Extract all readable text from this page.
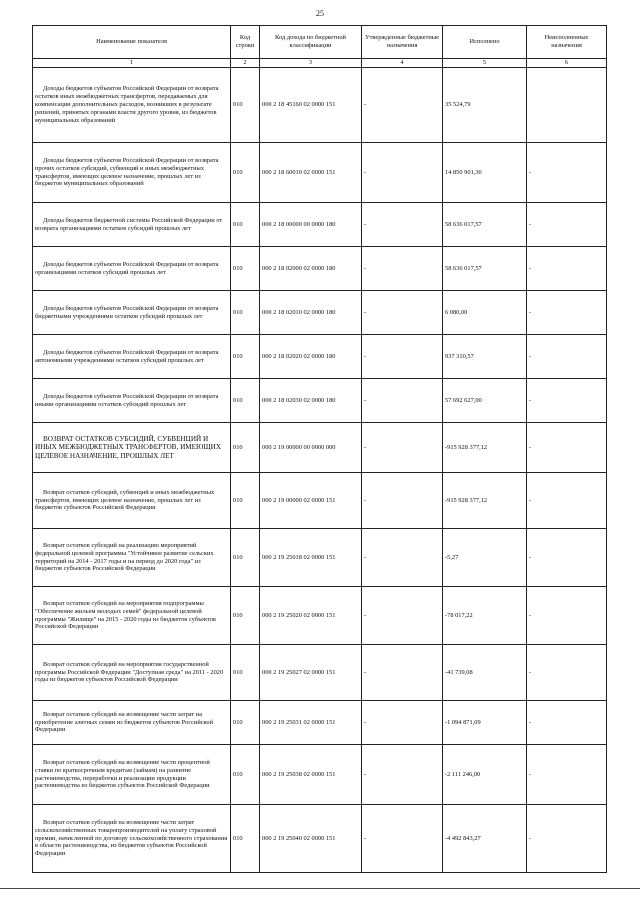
25
Наименование показателя	Код строки	Код дохода по бюджетной классификации	Утвержденные бюджетные назначения	Исполнено	Неисполненные назначения
1	2	3	4	5	6
Доходы бюджетов субъектов Российской Федерации от возврата остатков иных межбюджетных трансфертов, передаваемых для компенсации дополнительных расходов, возникших в результате решений, принятых органами власти другого уровня, из бюджетов муниципальных образований	010	000 2 18 45160 02 0000 151	-	35 524,79	
Доходы бюджетов субъектов Российской Федерации от возврата прочих остатков субсидий, субвенций и иных межбюджетных трансфертов, имеющих целевое назначение, прошлых лет из бюджетов муниципальных образований	010	000 2 18 60010 02 0000 151	-	14 850 901,30	-
Доходы бюджетов бюджетной системы Российской Федерации от возврата организациями остатков субсидий прошлых лет	010	000 2 18 00000 00 0000 180	-	58 636 017,57	-
Доходы бюджетов субъектов Российской Федерации от возврата организациями остатков субсидий прошлых лет	010	000 2 18 02000 02 0000 180	-	58 636 017,57	-
Доходы бюджетов субъектов Российской Федерации от возврата бюджетными учреждениями остатков субсидий прошлых лет	010	000 2 18 02010 02 0000 180	-	6 080,00	-
Доходы бюджетов субъектов Российской Федерации от возврата автономными учреждениями остатков субсидий прошлых лет	010	000 2 18 02020 02 0000 180	-	937 310,57	-
Доходы бюджетов субъектов Российской Федерации от возврата иными организациями остатков субсидий прошлых лет	010	000 2 18 02030 02 0000 180	-	57 692 627,00	-
ВОЗВРАТ ОСТАТКОВ СУБСИДИЙ, СУБВЕНЦИЙ И ИНЫХ МЕЖБЮДЖЕТНЫХ ТРАНСФЕРТОВ, ИМЕЮЩИХ ЦЕЛЕВОЕ НАЗНАЧЕНИЕ, ПРОШЛЫХ ЛЕТ	010	000 2 19 00000 00 0000 000	-	-915 928 377,12	-
Возврат остатков субсидий, субвенций и иных межбюджетных трансфертов, имеющих целевое назначение, прошлых лет из бюджетов субъектов Российской Федерации	010	000 2 19 00000 02 0000 151	-	-915 928 377,12	-
Возврат остатков субсидий на реализацию мероприятий федеральной целевой программы "Устойчивое развитие сельских территорий на 2014 - 2017 годы и на период до 2020 года" из бюджетов субъектов Российской Федерации	010	000 2 19 25018 02 0000 151	-	-5,27	-
Возврат остатков субсидий на мероприятия подпрограммы "Обеспечение жильем молодых семей" федеральной целевой программы "Жилище" на 2015 - 2020 годы из бюджетов субъектов Российской Федерации	010	000 2 19 25020 02 0000 151	-	-78 017,22	-
Возврат остатков субсидий на мероприятия государственной программы Российской Федерации "Доступная среда" на 2011 - 2020 годы из бюджетов субъектов Российской Федерации	010	000 2 19 25027 02 0000 151	-	-41 739,08	-
Возврат остатков субсидий на возмещение части затрат на приобретение элитных семян из бюджетов субъектов Российской Федерации	010	000 2 19 25031 02 0000 151	-	-1 094 871,09	-
Возврат остатков субсидий на возмещение части процентной ставки по краткосрочным кредитам (займам) на развитие растениеводства, переработки и реализации продукции растениеводства из бюджетов субъектов Российской Федерации	010	000 2 19 25038 02 0000 151	-	-2 111 246,00	-
Возврат остатков субсидий на возмещение части затрат сельскохозяйственных товаропроизводителей на уплату страховой премии, начисленной по договору сельскохозяйственного страхования в области растениеводства, из бюджетов субъектов Российской Федерации	010	000 2 19 25040 02 0000 151	-	-4 492 843,27	-
